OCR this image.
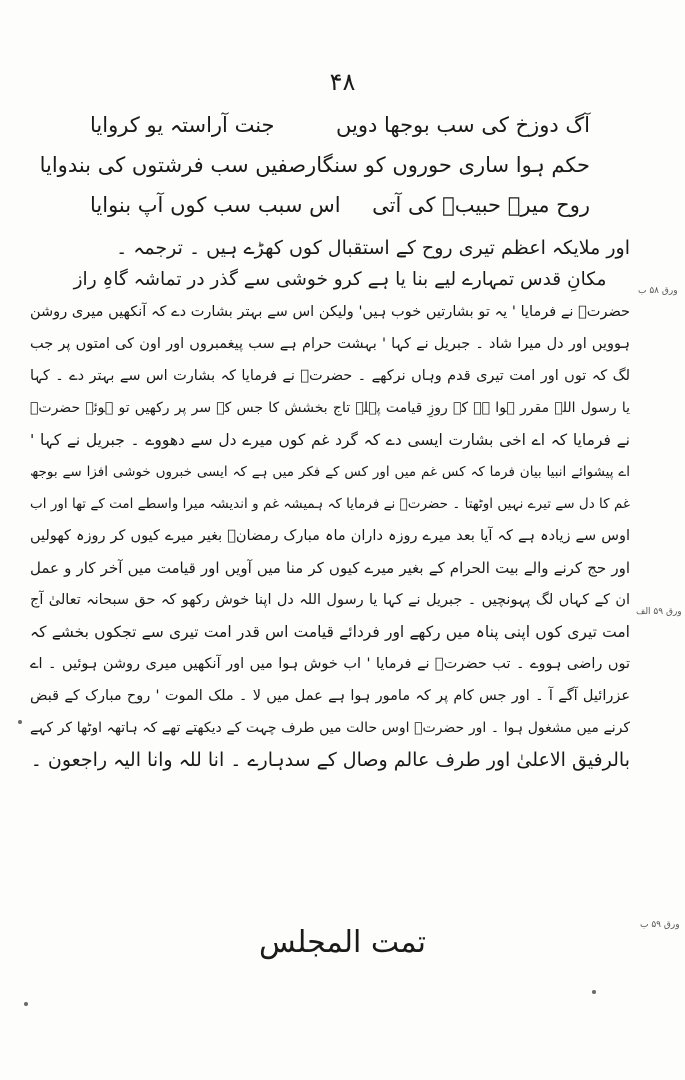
۴۸
آگ دوزخ کی سب بوجھا دویں
جنت آراستہ یو کروایا
حکم ہوا ساری حوروں کو سنگار
صفیں سب فرشتوں کی بندوایا
روح میرے حبیبؐ کی آتی
اس سبب سب کوں آپ بنوایا
اور ملایکہ اعظم تیری روح کے استقبال کوں کھڑے ہیں ۔ ترجمہ ۔
مکانِ قدس تمہارے لیے بنا یا ہے کرو خوشی سے گذر در تماشہ گاہِ راز
حضرتؐ نے فرمایا ' یہ تو بشارتیں خوب ہیں' ولیکن اس سے بہتر بشارت دے کہ آنکھیں میری روشن
ہوویں اور دل میرا شاد ۔ جبریل نے کہا ' بہشت حرام ہے سب پیغمبروں اور اون کی امتوں پر جب
لگ کہ توں اور امت تیری قدم وہاں نرکھے ۔ حضرتؐ نے فرمایا کہ بشارت اس سے بہتر دے ۔ کہا
یا رسول اللہ مقرر ہوا ہے کہ روزِ قیامت پہلے تاج بخشش کا جس کے سر پر رکھیں تو ہوئے حضرتؐ
نے فرمایا کہ اے اخی بشارت ایسی دے کہ گرد غم کوں میرے دل سے دھووے ۔ جبریل نے کہا '
اے پیشوائے انبیا بیان فرما کہ کس غم میں اور کس کے فکر میں ہے کہ ایسی خبروں خوشی افزا سے بوجھ
غم کا دل سے تیرے نہیں اوٹھتا ۔ حضرتؐ نے فرمایا کہ ہمیشہ غم و اندیشہ میرا واسطے امت کے تھا اور اب
اوس سے زیادہ ہے کہ آیا بعد میرے روزہ داران ماہ مبارک رمضانؐ بغیر میرے کیوں کر روزہ کھولیں
اور حج کرنے والے بیت الحرام کے بغیر میرے کیوں کر منا میں آویں اور قیامت میں آخر کار و عمل
ان کے کہاں لگ پہونچیں ۔ جبریل نے کہا یا رسول اللہ دل اپنا خوش رکھو کہ حق سبحانہ تعالیٰ آج
امت تیری کوں اپنی پناہ میں رکھے اور فردائے قیامت اس قدر امت تیری سے تجکوں بخشے کہ
توں راضی ہووے ۔ تب حضرتؐ نے فرمایا ' اب خوش ہوا میں اور آنکھیں میری روشن ہوئیں ۔ اے
عزرائیل آگے آ ۔ اور جس کام پر کہ مامور ہوا ہے عمل میں لا ۔ ملک الموت ' روح مبارک کے قبض
کرنے میں مشغول ہوا ۔ اور حضرتؐ اوس حالت میں طرف چہت کے دیکھتے تھے کہ ہاتھہ اوٹھا کر کہے
بالرفیق الاعلیٰ اور طرف عالم وصال کے سدہارے ۔ انا للہ وانا الیہ راجعون ۔
ورق ۵۸ ب
ورق ۵۹ الف
ورق ۵۹ ب
تمت المجلس
